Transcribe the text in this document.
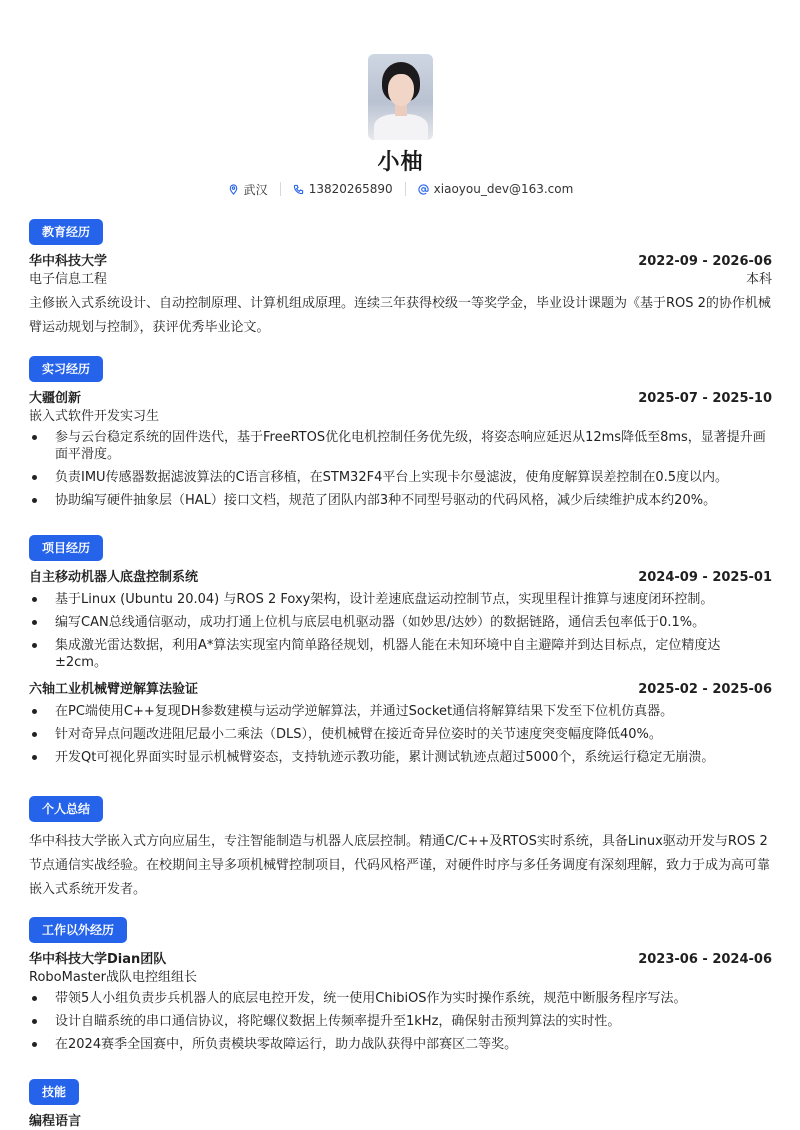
小柚
武汉	13820265890	xiaoyou_dev@163.com
教育经历
华中科技大学	2022-09 - 2026-06
电子信息工程	本科
主修嵌入式系统设计、自动控制原理、计算机组成原理。连续三年获得校级一等奖学金，毕业设计课题为《基于ROS 2的协作机械臂运动规划与控制》，获评优秀毕业论文。
实习经历
大疆创新	2025-07 - 2025-10
嵌入式软件开发实习生
参与云台稳定系统的固件迭代，基于FreeRTOS优化电机控制任务优先级，将姿态响应延迟从12ms降低至8ms，显著提升画面平滑度。
负责IMU传感器数据滤波算法的C语言移植，在STM32F4平台上实现卡尔曼滤波，使角度解算误差控制在0.5度以内。
协助编写硬件抽象层（HAL）接口文档，规范了团队内部3种不同型号驱动的代码风格，减少后续维护成本约20%。
项目经历
自主移动机器人底盘控制系统	2024-09 - 2025-01
基于Linux (Ubuntu 20.04) 与ROS 2 Foxy架构，设计差速底盘运动控制节点，实现里程计推算与速度闭环控制。
编写CAN总线通信驱动，成功打通上位机与底层电机驱动器（如妙思/达妙）的数据链路，通信丢包率低于0.1%。
集成激光雷达数据，利用A*算法实现室内简单路径规划，机器人能在未知环境中自主避障并到达目标点，定位精度达±2cm。
六轴工业机械臂逆解算法验证	2025-02 - 2025-06
在PC端使用C++复现DH参数建模与运动学逆解算法，并通过Socket通信将解算结果下发至下位机仿真器。
针对奇异点问题改进阻尼最小二乘法（DLS），使机械臂在接近奇异位姿时的关节速度突变幅度降低40%。
开发Qt可视化界面实时显示机械臂姿态，支持轨迹示教功能，累计测试轨迹点超过5000个，系统运行稳定无崩溃。
个人总结
华中科技大学嵌入式方向应届生，专注智能制造与机器人底层控制。精通C/C++及RTOS实时系统，具备Linux驱动开发与ROS 2节点通信实战经验。在校期间主导多项机械臂控制项目，代码风格严谨，对硬件时序与多任务调度有深刻理解，致力于成为高可靠嵌入式系统开发者。
工作以外经历
华中科技大学Dian团队	2023-06 - 2024-06
RoboMaster战队电控组组长
带领5人小组负责步兵机器人的底层电控开发，统一使用ChibiOS作为实时操作系统，规范中断服务程序写法。
设计自瞄系统的串口通信协议，将陀螺仪数据上传频率提升至1kHz，确保射击预判算法的实时性。
在2024赛季全国赛中，所负责模块零故障运行，助力战队获得中部赛区二等奖。
技能
编程语言
